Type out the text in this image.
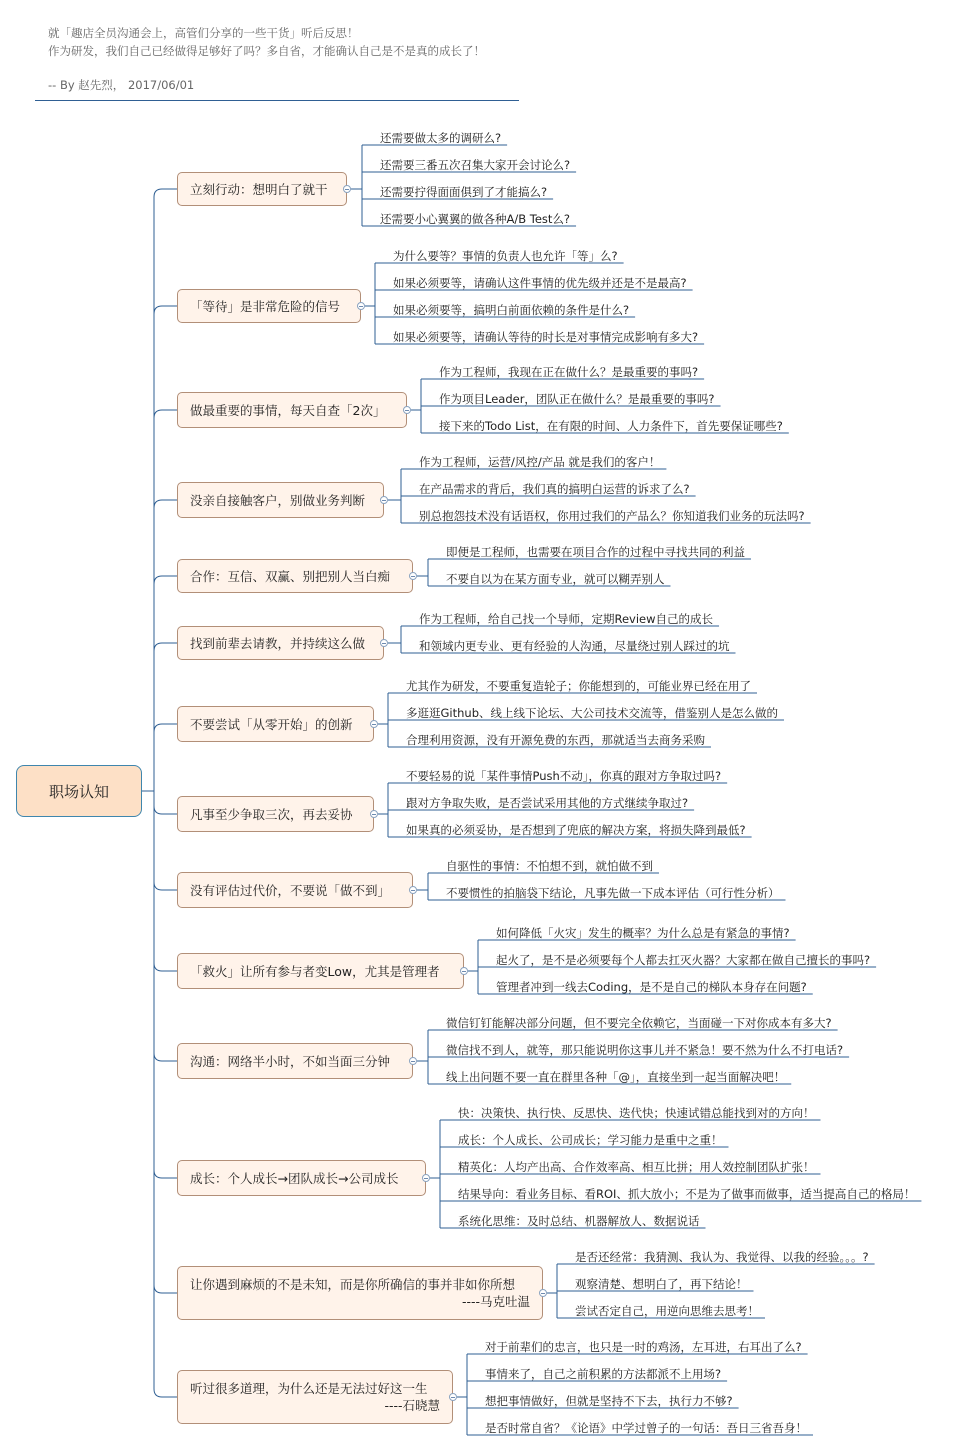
就「趣店全员沟通会上，高管们分享的一些干货」听后反思！
作为研发，我们自己已经做得足够好了吗？多自省，才能确认自己是不是真的成长了！
-- By 赵先烈， 2017/06/01
职场认知
立刻行动：想明白了就干
还需要做太多的调研么?
还需要三番五次召集大家开会讨论么?
还需要拧得面面俱到了才能搞么?
还需要小心翼翼的做各种A/B Test么?
「等待」是非常危险的信号
为什么要等？事情的负责人也允许「等」么?
如果必须要等，请确认这件事情的优先级并还是不是最高?
如果必须要等，搞明白前面依赖的条件是什么?
如果必须要等，请确认等待的时长是对事情完成影响有多大?
做最重要的事情，每天自查「2次」
作为工程师，我现在正在做什么？是最重要的事吗?
作为项目Leader，团队正在做什么？是最重要的事吗?
接下来的Todo List，在有限的时间、人力条件下，首先要保证哪些?
没亲自接触客户，别做业务判断
作为工程师，运营/风控/产品 就是我们的客户！
在产品需求的背后，我们真的搞明白运营的诉求了么?
别总抱怨技术没有话语权，你用过我们的产品么？你知道我们业务的玩法吗?
合作：互信、双赢、别把别人当白痴
即便是工程师，也需要在项目合作的过程中寻找共同的利益
不要自以为在某方面专业，就可以糊弄别人
找到前辈去请教，并持续这么做
作为工程师，给自己找一个导师，定期Review自己的成长
和领域内更专业、更有经验的人沟通，尽量绕过别人踩过的坑
不要尝试「从零开始」的创新
尤其作为研发，不要重复造轮子；你能想到的，可能业界已经在用了
多逛逛Github、线上线下论坛、大公司技术交流等，借鉴别人是怎么做的
合理利用资源，没有开源免费的东西，那就适当去商务采购
凡事至少争取三次，再去妥协
不要轻易的说「某件事情Push不动」，你真的跟对方争取过吗?
跟对方争取失败，是否尝试采用其他的方式继续争取过?
如果真的必须妥协，是否想到了兜底的解决方案，将损失降到最低?
没有评估过代价，不要说「做不到」
自驱性的事情：不怕想不到，就怕做不到
不要惯性的拍脑袋下结论，凡事先做一下成本评估（可行性分析）
「救火」让所有参与者变Low，尤其是管理者
如何降低「火灾」发生的概率？为什么总是有紧急的事情?
起火了，是不是必须要每个人都去扛灭火器？大家都在做自己擅长的事吗?
管理者冲到一线去Coding，是不是自己的梯队本身存在问题?
沟通：网络半小时，不如当面三分钟
微信钉钉能解决部分问题，但不要完全依赖它，当面碰一下对你成本有多大?
微信找不到人，就等，那只能说明你这事儿并不紧急！要不然为什么不打电话?
线上出问题不要一直在群里各种「@」，直接坐到一起当面解决吧！
成长：个人成长→团队成长→公司成长
快：决策快、执行快、反思快、迭代快；快速试错总能找到对的方向！
成长：个人成长、公司成长；学习能力是重中之重！
精英化：人均产出高、合作效率高、相互比拼；用人效控制团队扩张！
结果导向：看业务目标、看ROI、抓大放小；不是为了做事而做事，适当提高自己的格局！
系统化思维：及时总结、机器解放人、数据说话
让你遇到麻烦的不是未知，而是你所确信的事并非如你所想
----马克吐温
是否还经常：我猜测、我认为、我觉得、以我的经验。。。?
观察清楚、想明白了，再下结论！
尝试否定自己，用逆向思维去思考！
听过很多道理，为什么还是无法过好这一生
----石晓慧
对于前辈们的忠言，也只是一时的鸡汤，左耳进，右耳出了么?
事情来了，自己之前积累的方法都派不上用场?
想把事情做好，但就是坚持不下去，执行力不够?
是否时常自省？《论语》中学过曾子的一句话：吾日三省吾身！
